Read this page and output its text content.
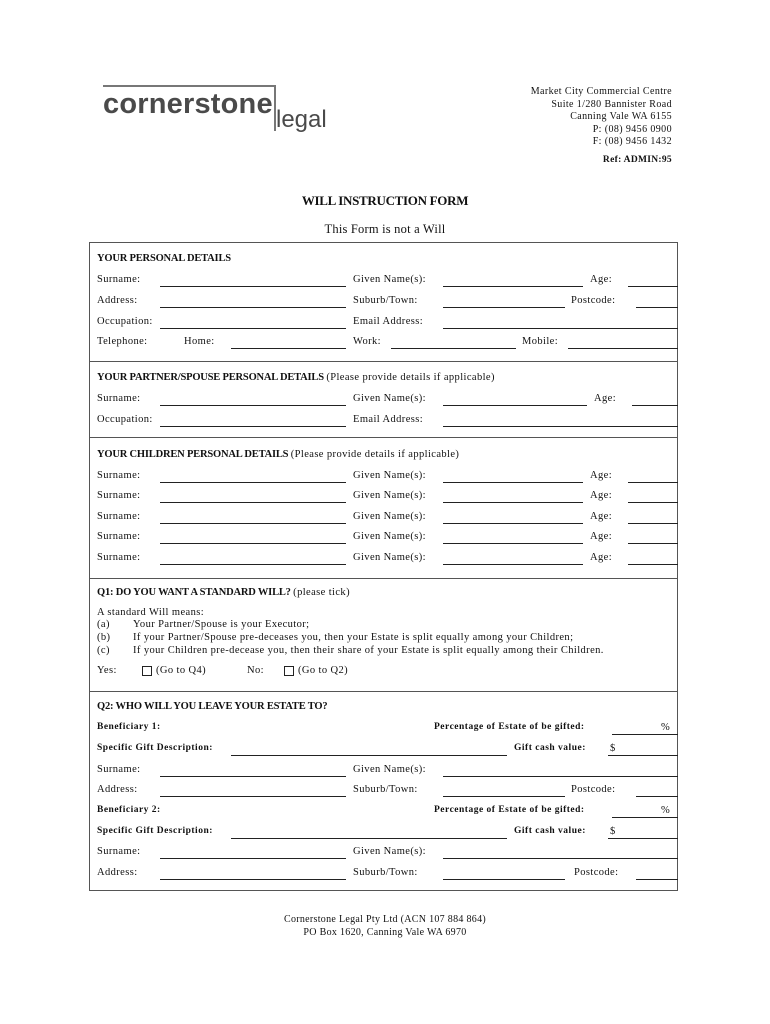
cornerstone legal
Market City Commercial Centre
Suite 1/280 Bannister Road
Canning Vale WA 6155
P: (08) 9456 0900
F: (08) 9456 1432
Ref: ADMIN:95
WILL INSTRUCTION FORM
This Form is not a Will
YOUR PERSONAL DETAILS
Surname:	Given Name(s):	Age:
Address:	Suburb/Town:	Postcode:
Occupation:	Email Address:
Telephone:	Home:	Work:	Mobile:
YOUR PARTNER/SPOUSE PERSONAL DETAILS (Please provide details if applicable)
Surname:	Given Name(s):	Age:
Occupation:	Email Address:
YOUR CHILDREN PERSONAL DETAILS (Please provide details if applicable)
Surname:	Given Name(s):	Age:
Surname:	Given Name(s):	Age:
Surname:	Given Name(s):	Age:
Surname:	Given Name(s):	Age:
Surname:	Given Name(s):	Age:
Q1: DO YOU WANT A STANDARD WILL? (please tick)
A standard Will means:
(a) Your Partner/Spouse is your Executor;
(b) If your Partner/Spouse pre-deceases you, then your Estate is split equally among your Children;
(c) If your Children pre-decease you, then their share of your Estate is split equally among their Children.
Yes:	(Go to Q4)	No:	(Go to Q2)
Q2: WHO WILL YOU LEAVE YOUR ESTATE TO?
Beneficiary 1:	Percentage of Estate of be gifted:	%
Specific Gift Description:	Gift cash value: $
Surname:	Given Name(s):
Address:	Suburb/Town:	Postcode:
Beneficiary 2:	Percentage of Estate of be gifted:	%
Specific Gift Description:	Gift cash value: $
Surname:	Given Name(s):
Address:	Suburb/Town:	Postcode:
Cornerstone Legal Pty Ltd (ACN 107 884 864)
PO Box 1620, Canning Vale WA 6970
